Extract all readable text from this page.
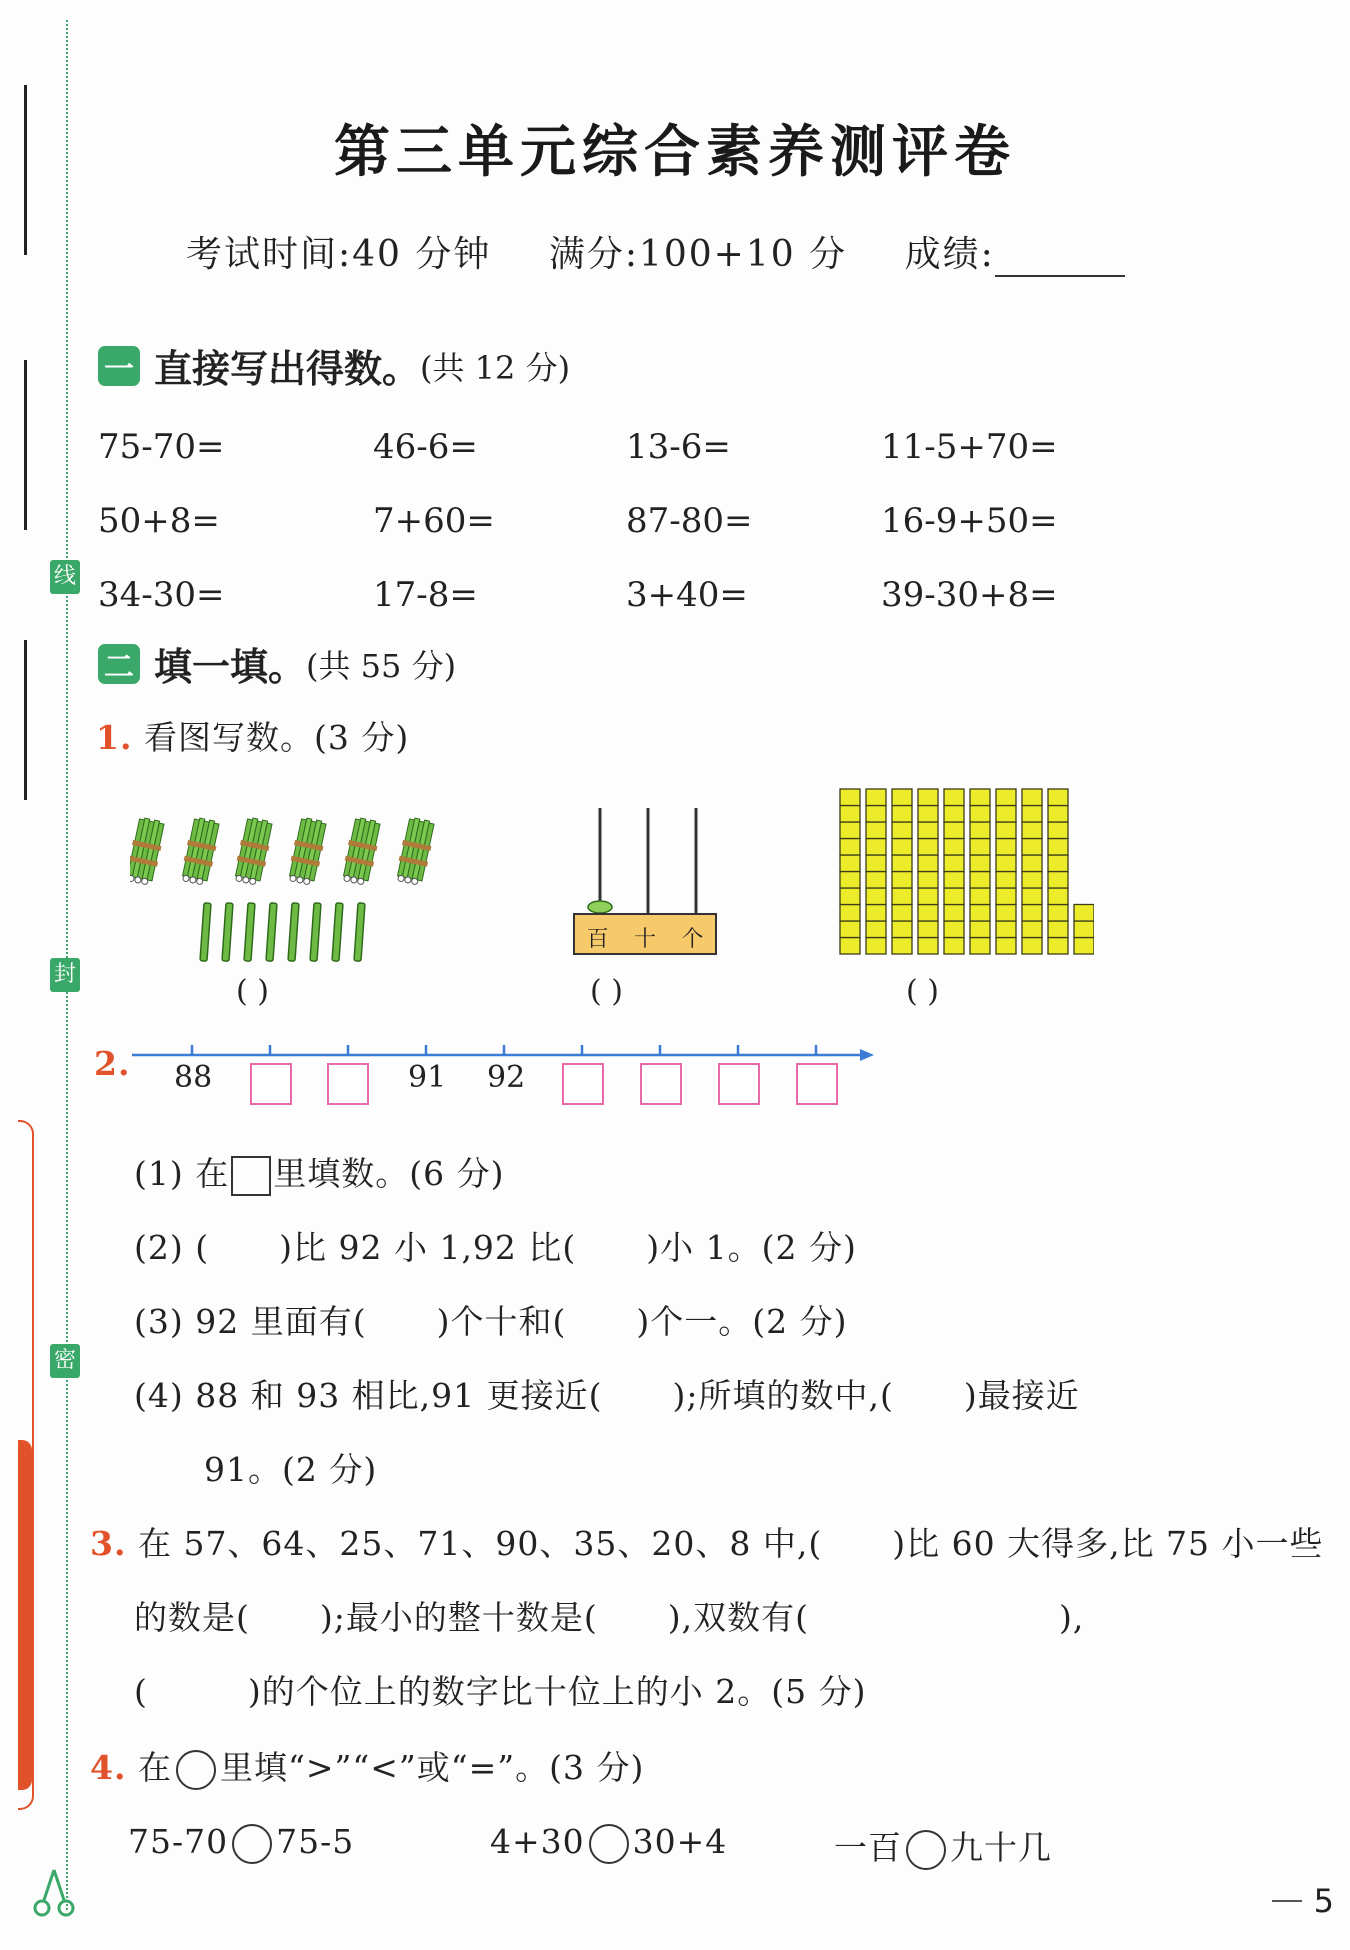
线
封
密
第三单元综合素养测评卷
考试时间:40 分钟 满分:100+10 分 成绩:
一 直接写出得数。 (共 12 分)
75-70=	46-6=	13-6=	11-5+70=
50+8=	7+60=	87-80=	16-9+50=
34-30=	17-8=	3+40=	39-30+8=
二 填一填。 (共 55 分)
1. 看图写数。(3 分)
百 十 个
( )	( )	( )
2. 88	91 92
(1) 在 里填数。(6 分)
(2) ( )比 92 小 1,92 比( )小 1。(2 分)
(3) 92 里面有( )个十和( )个一。(2 分)
(4) 88 和 93 相比,91 更接近( );所填的数中,( )最接近
91。(2 分)
3. 在 57、64、25、71、90、35、20、8 中,( )比 60 大得多,比 75 小一些
的数是( );最小的整十数是( ),双数有(	),
(	)的个位上的数字比十位上的小 2。(5 分)
4. 在 里填“>”“<”或“=”。(3 分)
75-70 75-5	4+30 30+4	一百 九十几
5
